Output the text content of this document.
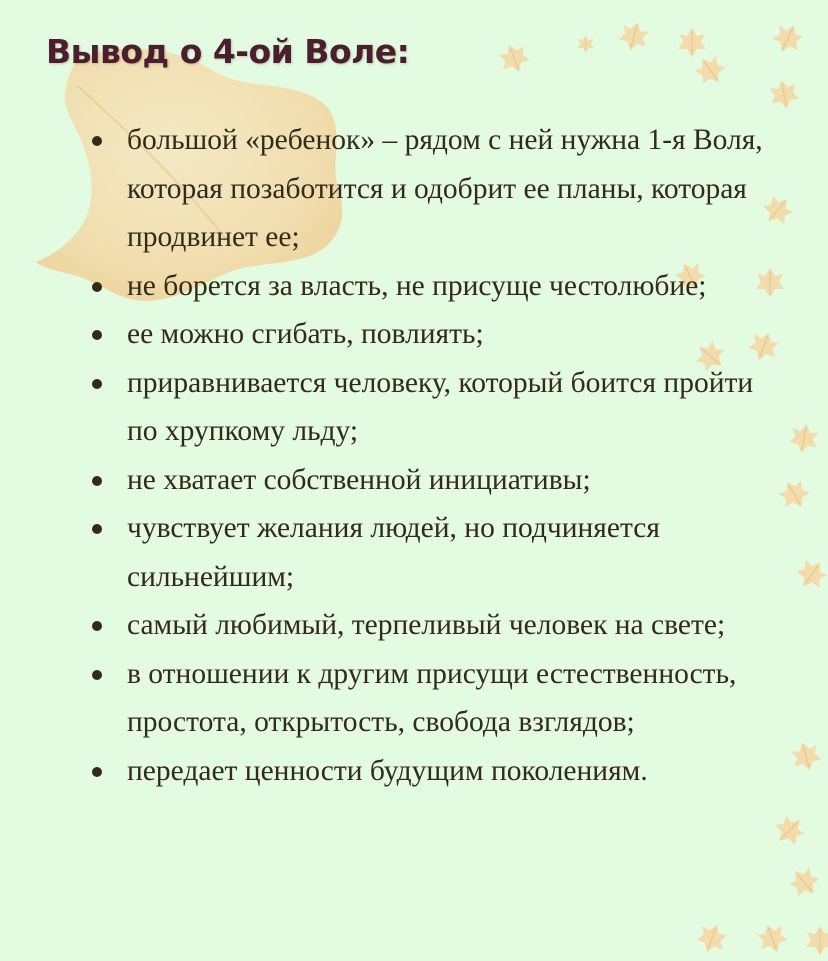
Вывод о 4-ой Воле:
большой «ребенок» – рядом с ней нужна 1-я Воля, которая позаботится и одобрит ее планы, которая продвинет ее;
не борется за власть, не присуще честолюбие;
ее можно сгибать, повлиять;
приравнивается человеку, который боится пройти по хрупкому льду;
не хватает собственной инициативы;
чувствует желания людей, но подчиняется сильнейшим;
самый любимый, терпеливый человек на свете;
в отношении к другим присущи естественность, простота, открытость, свобода взглядов;
передает ценности будущим поколениям.
